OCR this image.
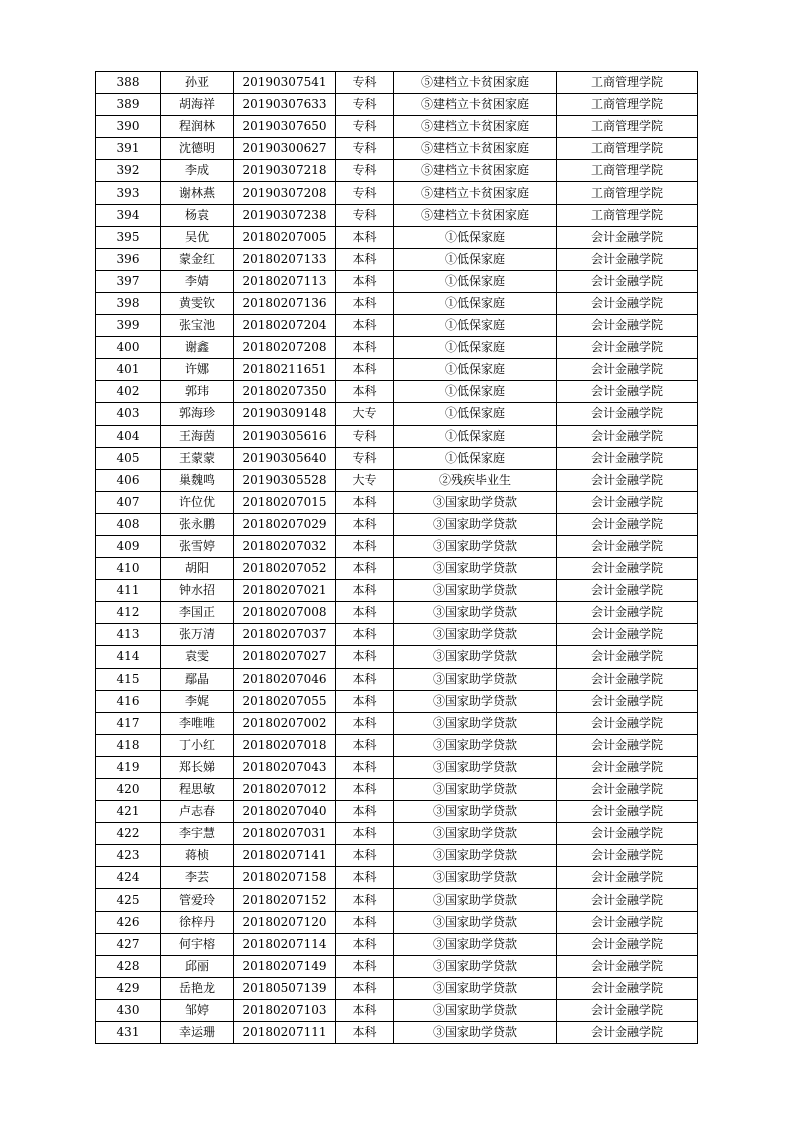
388	孙亚	20190307541	专科	⑤建档立卡贫困家庭	工商管理学院
389	胡海祥	20190307633	专科	⑤建档立卡贫困家庭	工商管理学院
390	程润林	20190307650	专科	⑤建档立卡贫困家庭	工商管理学院
391	沈德明	20190300627	专科	⑤建档立卡贫困家庭	工商管理学院
392	李成	20190307218	专科	⑤建档立卡贫困家庭	工商管理学院
393	谢林燕	20190307208	专科	⑤建档立卡贫困家庭	工商管理学院
394	杨袁	20190307238	专科	⑤建档立卡贫困家庭	工商管理学院
395	吴优	20180207005	本科	①低保家庭	会计金融学院
396	蒙金红	20180207133	本科	①低保家庭	会计金融学院
397	李婧	20180207113	本科	①低保家庭	会计金融学院
398	黄雯钦	20180207136	本科	①低保家庭	会计金融学院
399	张宝池	20180207204	本科	①低保家庭	会计金融学院
400	谢鑫	20180207208	本科	①低保家庭	会计金融学院
401	许娜	20180211651	本科	①低保家庭	会计金融学院
402	郭玮	20180207350	本科	①低保家庭	会计金融学院
403	郭海珍	20190309148	大专	①低保家庭	会计金融学院
404	王海茵	20190305616	专科	①低保家庭	会计金融学院
405	王蒙蒙	20190305640	专科	①低保家庭	会计金融学院
406	巢魏鸣	20190305528	大专	②残疾毕业生	会计金融学院
407	许位优	20180207015	本科	③国家助学贷款	会计金融学院
408	张永鹏	20180207029	本科	③国家助学贷款	会计金融学院
409	张雪婷	20180207032	本科	③国家助学贷款	会计金融学院
410	胡阳	20180207052	本科	③国家助学贷款	会计金融学院
411	钟水招	20180207021	本科	③国家助学贷款	会计金融学院
412	李国正	20180207008	本科	③国家助学贷款	会计金融学院
413	张万清	20180207037	本科	③国家助学贷款	会计金融学院
414	袁雯	20180207027	本科	③国家助学贷款	会计金融学院
415	鄢晶	20180207046	本科	③国家助学贷款	会计金融学院
416	李娓	20180207055	本科	③国家助学贷款	会计金融学院
417	李唯唯	20180207002	本科	③国家助学贷款	会计金融学院
418	丁小红	20180207018	本科	③国家助学贷款	会计金融学院
419	郑长娣	20180207043	本科	③国家助学贷款	会计金融学院
420	程思敏	20180207012	本科	③国家助学贷款	会计金融学院
421	卢志春	20180207040	本科	③国家助学贷款	会计金融学院
422	李宇慧	20180207031	本科	③国家助学贷款	会计金融学院
423	蒋桢	20180207141	本科	③国家助学贷款	会计金融学院
424	李芸	20180207158	本科	③国家助学贷款	会计金融学院
425	管爱玲	20180207152	本科	③国家助学贷款	会计金融学院
426	徐梓丹	20180207120	本科	③国家助学贷款	会计金融学院
427	何宇榕	20180207114	本科	③国家助学贷款	会计金融学院
428	邱丽	20180207149	本科	③国家助学贷款	会计金融学院
429	岳艳龙	20180507139	本科	③国家助学贷款	会计金融学院
430	邹婷	20180207103	本科	③国家助学贷款	会计金融学院
431	幸运珊	20180207111	本科	③国家助学贷款	会计金融学院
